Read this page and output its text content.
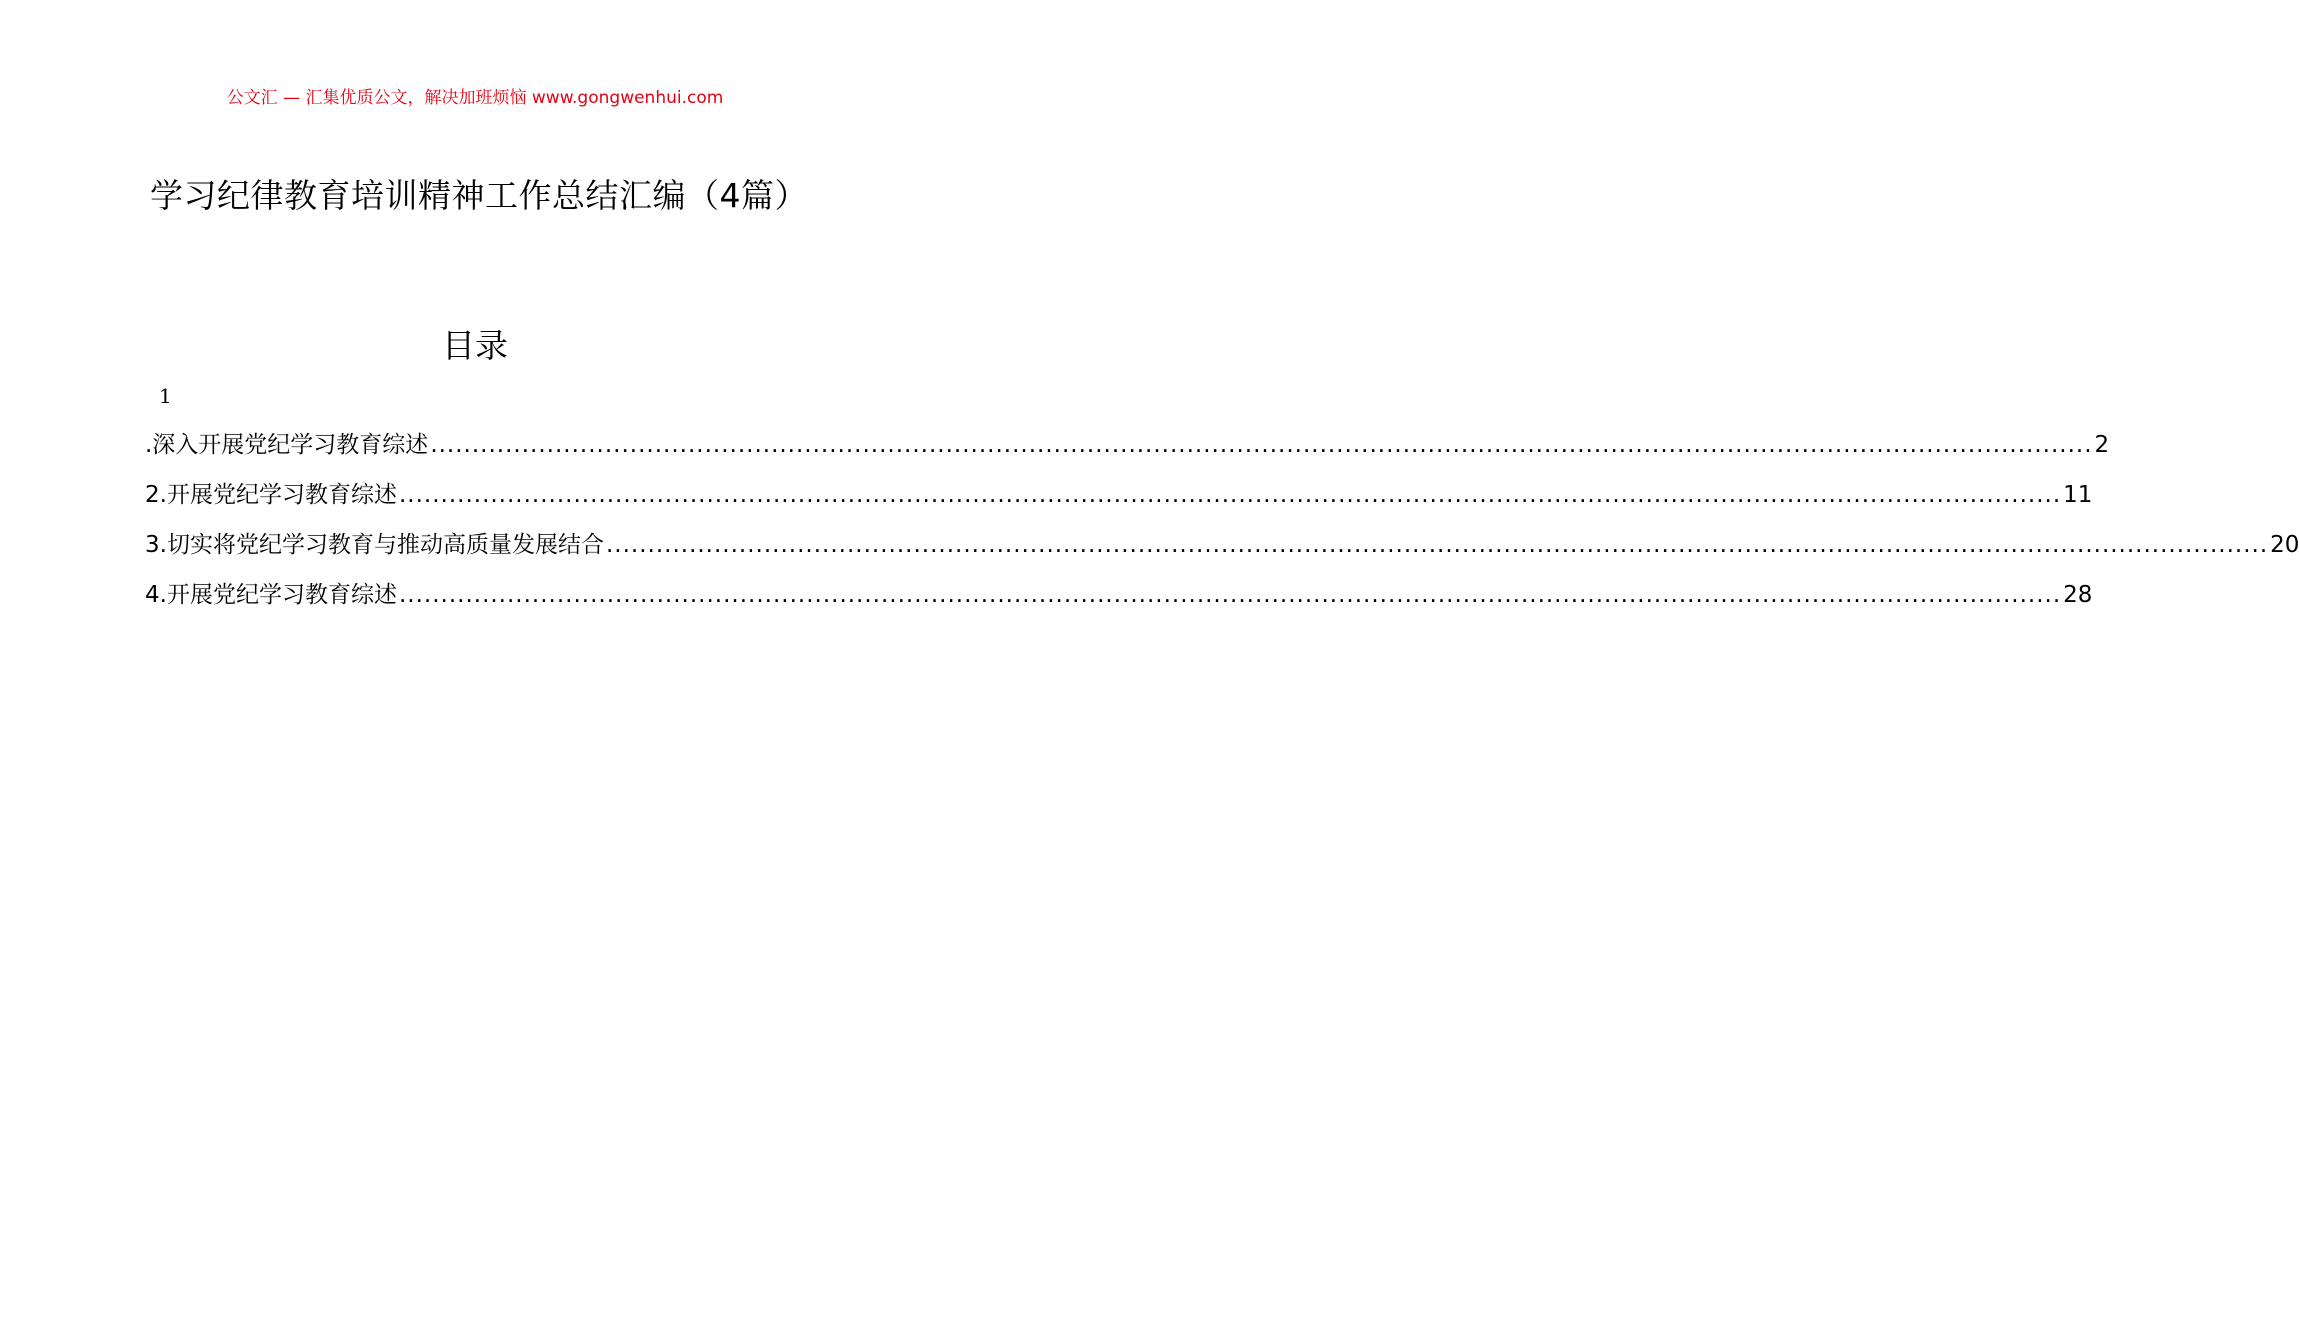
公文汇 — 汇集优质公文，解决加班烦恼 www.gongwenhui.com
学习纪律教育培训精神工作总结汇编（4篇）
目录
1
.深入开展党纪学习教育综述 ........................................................................................................................................................................................................ 2
2.开展党纪学习教育综述 ........................................................................................................................................................................................................ 11
3.切实将党纪学习教育与推动高质量发展结合 ........................................................................................................................................................................................................ 20
4.开展党纪学习教育综述 ........................................................................................................................................................................................................ 28
